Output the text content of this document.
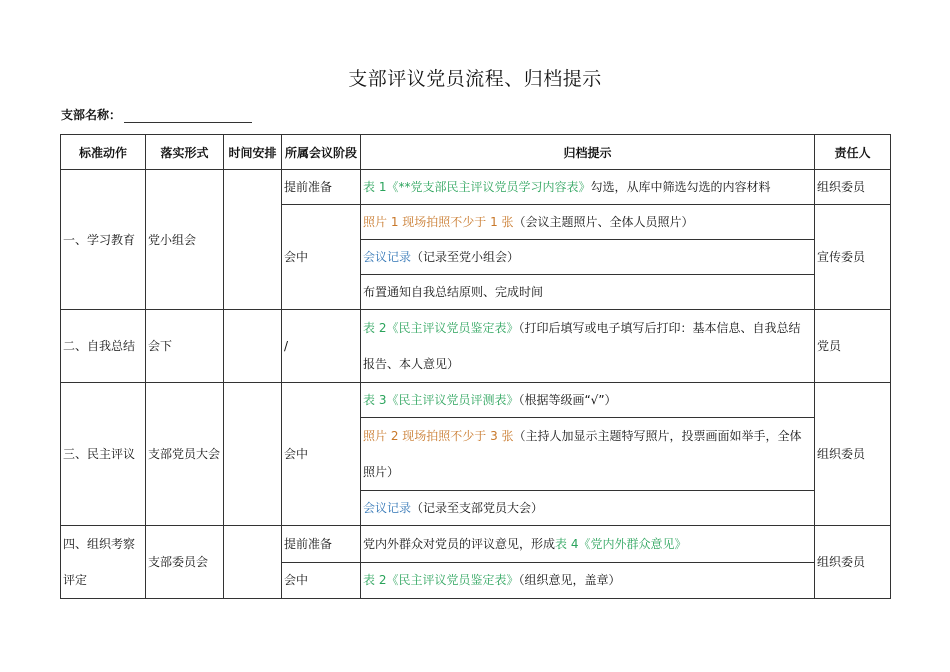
支部评议党员流程、归档提示
支部名称：
标准动作	落实形式	时间安排	所属会议阶段	归档提示	责任人
一、学习教育	党小组会		提前准备	表 1《**党支部民主评议党员学习内容表》勾选，从库中筛选勾选的内容材料	组织委员
			会中	照片 1 现场拍照不少于 1 张（会议主题照片、全体人员照片）	宣传委员
				会议记录（记录至党小组会）	
				布置通知自我总结原则、完成时间	
二、自我总结	会下		/	表 2《民主评议党员鉴定表》（打印后填写或电子填写后打印：基本信息、自我总结报告、本人意见）	党员
三、民主评议	支部党员大会		会中	表 3《民主评议党员评测表》（根据等级画“√”）	组织委员
				照片 2 现场拍照不少于 3 张（主持人加显示主题特写照片，投票画面如举手，全体照片）	
				会议记录（记录至支部党员大会）	
四、组织考察评定	支部委员会		提前准备	党内外群众对党员的评议意见，形成表 4《党内外群众意见》	组织委员
			会中	表 2《民主评议党员鉴定表》（组织意见，盖章）	
